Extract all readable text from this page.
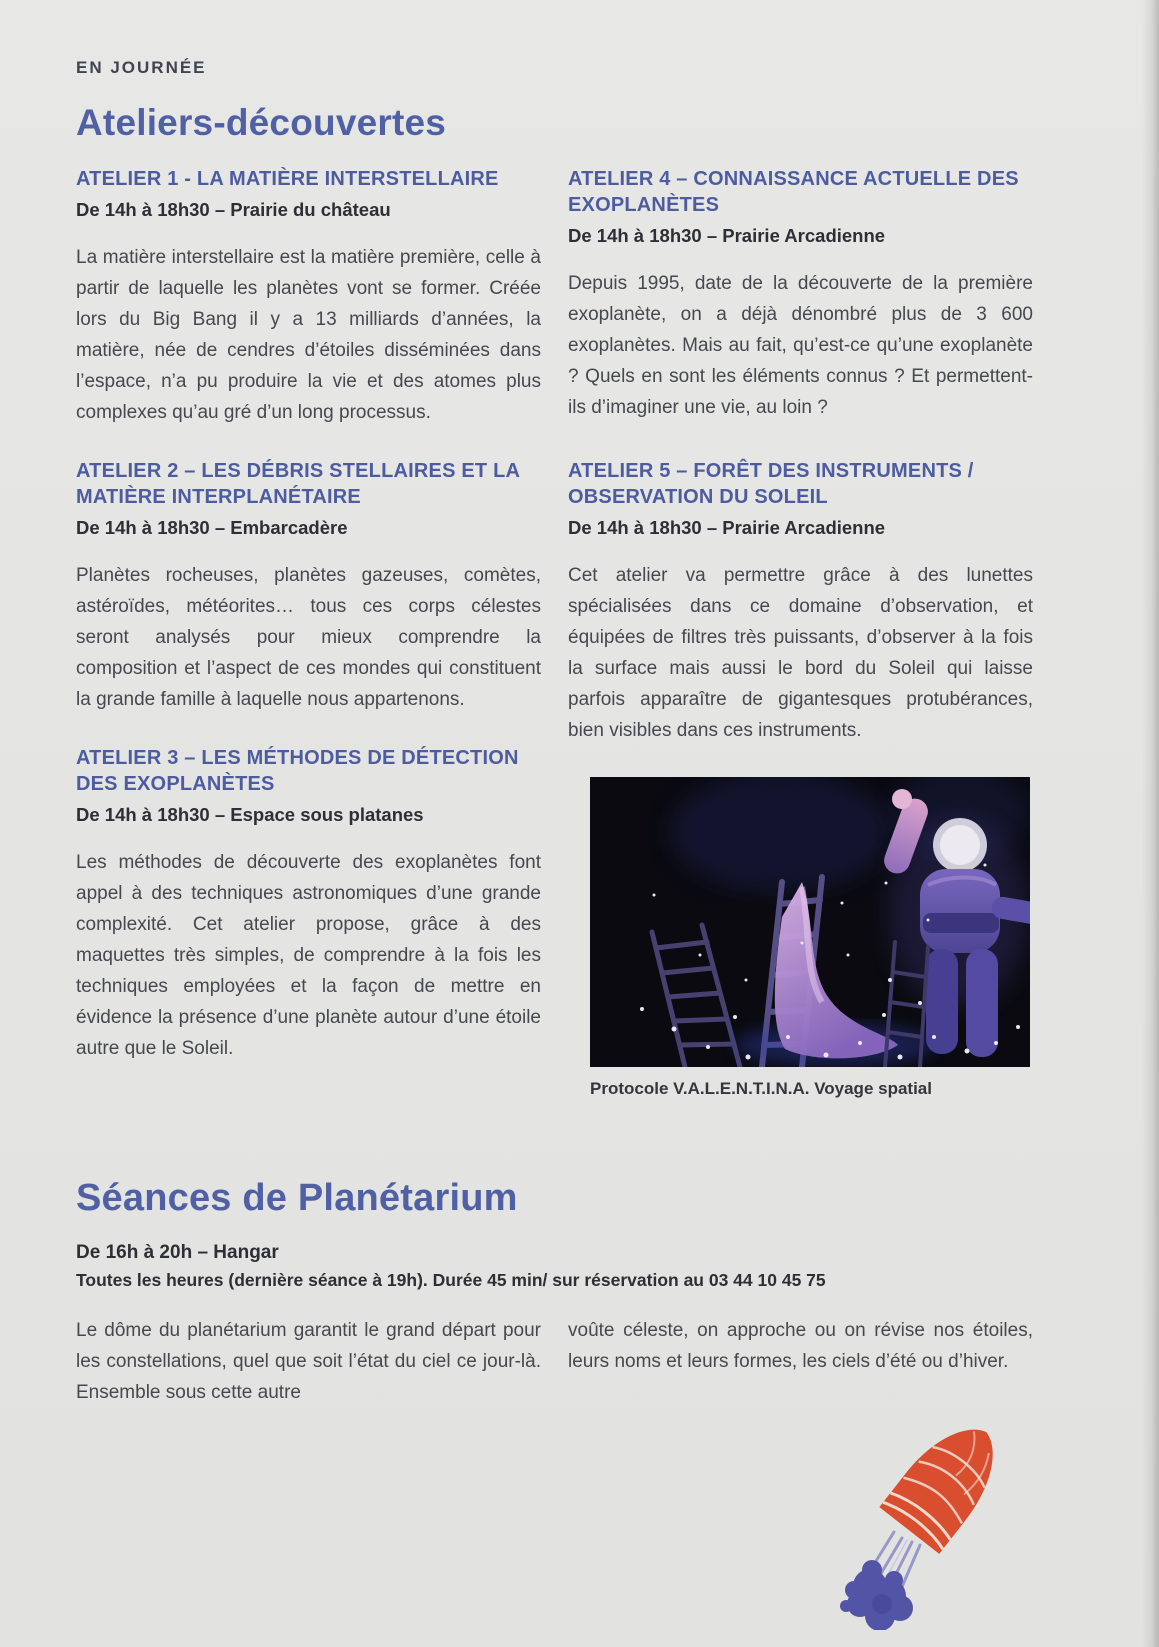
EN JOURNÉE
Ateliers-découvertes
ATELIER 1 - LA MATIÈRE INTERSTELLAIRE
De 14h à 18h30 – Prairie du château

La matière interstellaire est la matière première, celle à partir de laquelle les planètes vont se former. Créée lors du Big Bang il y a 13 milliards d’années, la matière, née de cendres d’étoiles disséminées dans l’espace, n’a pu produire la vie et des atomes plus complexes qu’au gré d’un long processus.

ATELIER 4 – CONNAISSANCE ACTUELLE DES EXOPLANÈTES
De 14h à 18h30 – Prairie Arcadienne

Depuis 1995, date de la découverte de la première exoplanète, on a déjà dénombré plus de 3 600 exoplanètes. Mais au fait, qu’est-ce qu’une exoplanète ? Quels en sont les éléments connus ? Et permettent-ils d’imaginer une vie, au loin ?

ATELIER 2 – LES DÉBRIS STELLAIRES ET LA MATIÈRE INTERPLANÉTAIRE
De 14h à 18h30 – Embarcadère

Planètes rocheuses, planètes gazeuses, comètes, astéroïdes, météorites… tous ces corps célestes seront analysés pour mieux comprendre la composition et l’aspect de ces mondes qui constituent la grande famille à laquelle nous appartenons.

ATELIER 5 – FORÊT DES INSTRUMENTS / OBSERVATION DU SOLEIL
De 14h à 18h30 – Prairie Arcadienne

Cet atelier va permettre grâce à des lunettes spécialisées dans ce domaine d’observation, et équipées de filtres très puissants, d’observer à la fois la surface mais aussi le bord du Soleil qui laisse parfois apparaître de gigantesques protubérances, bien visibles dans ces instruments.

ATELIER 3 – LES MÉTHODES DE DÉTECTION DES EXOPLANÈTES
De 14h à 18h30 – Espace sous platanes

Les méthodes de découverte des exoplanètes font appel à des techniques astronomiques d’une grande complexité. Cet atelier propose, grâce à des maquettes très simples, de comprendre à la fois les techniques employées et la façon de mettre en évidence la présence d’une planète autour d’une étoile autre que le Soleil.

Protocole V.A.L.E.N.T.I.N.A. Voyage spatial
Séances de Planétarium
De 16h à 20h – Hangar
Toutes les heures (dernière séance à 19h). Durée 45 min/ sur réservation au 03 44 10 45 75

Le dôme du planétarium garantit le grand départ pour les constellations, quel que soit l’état du ciel ce jour-là. Ensemble sous cette autre

voûte céleste, on approche ou on révise nos étoiles, leurs noms et leurs formes, les ciels d’été ou d’hiver.
